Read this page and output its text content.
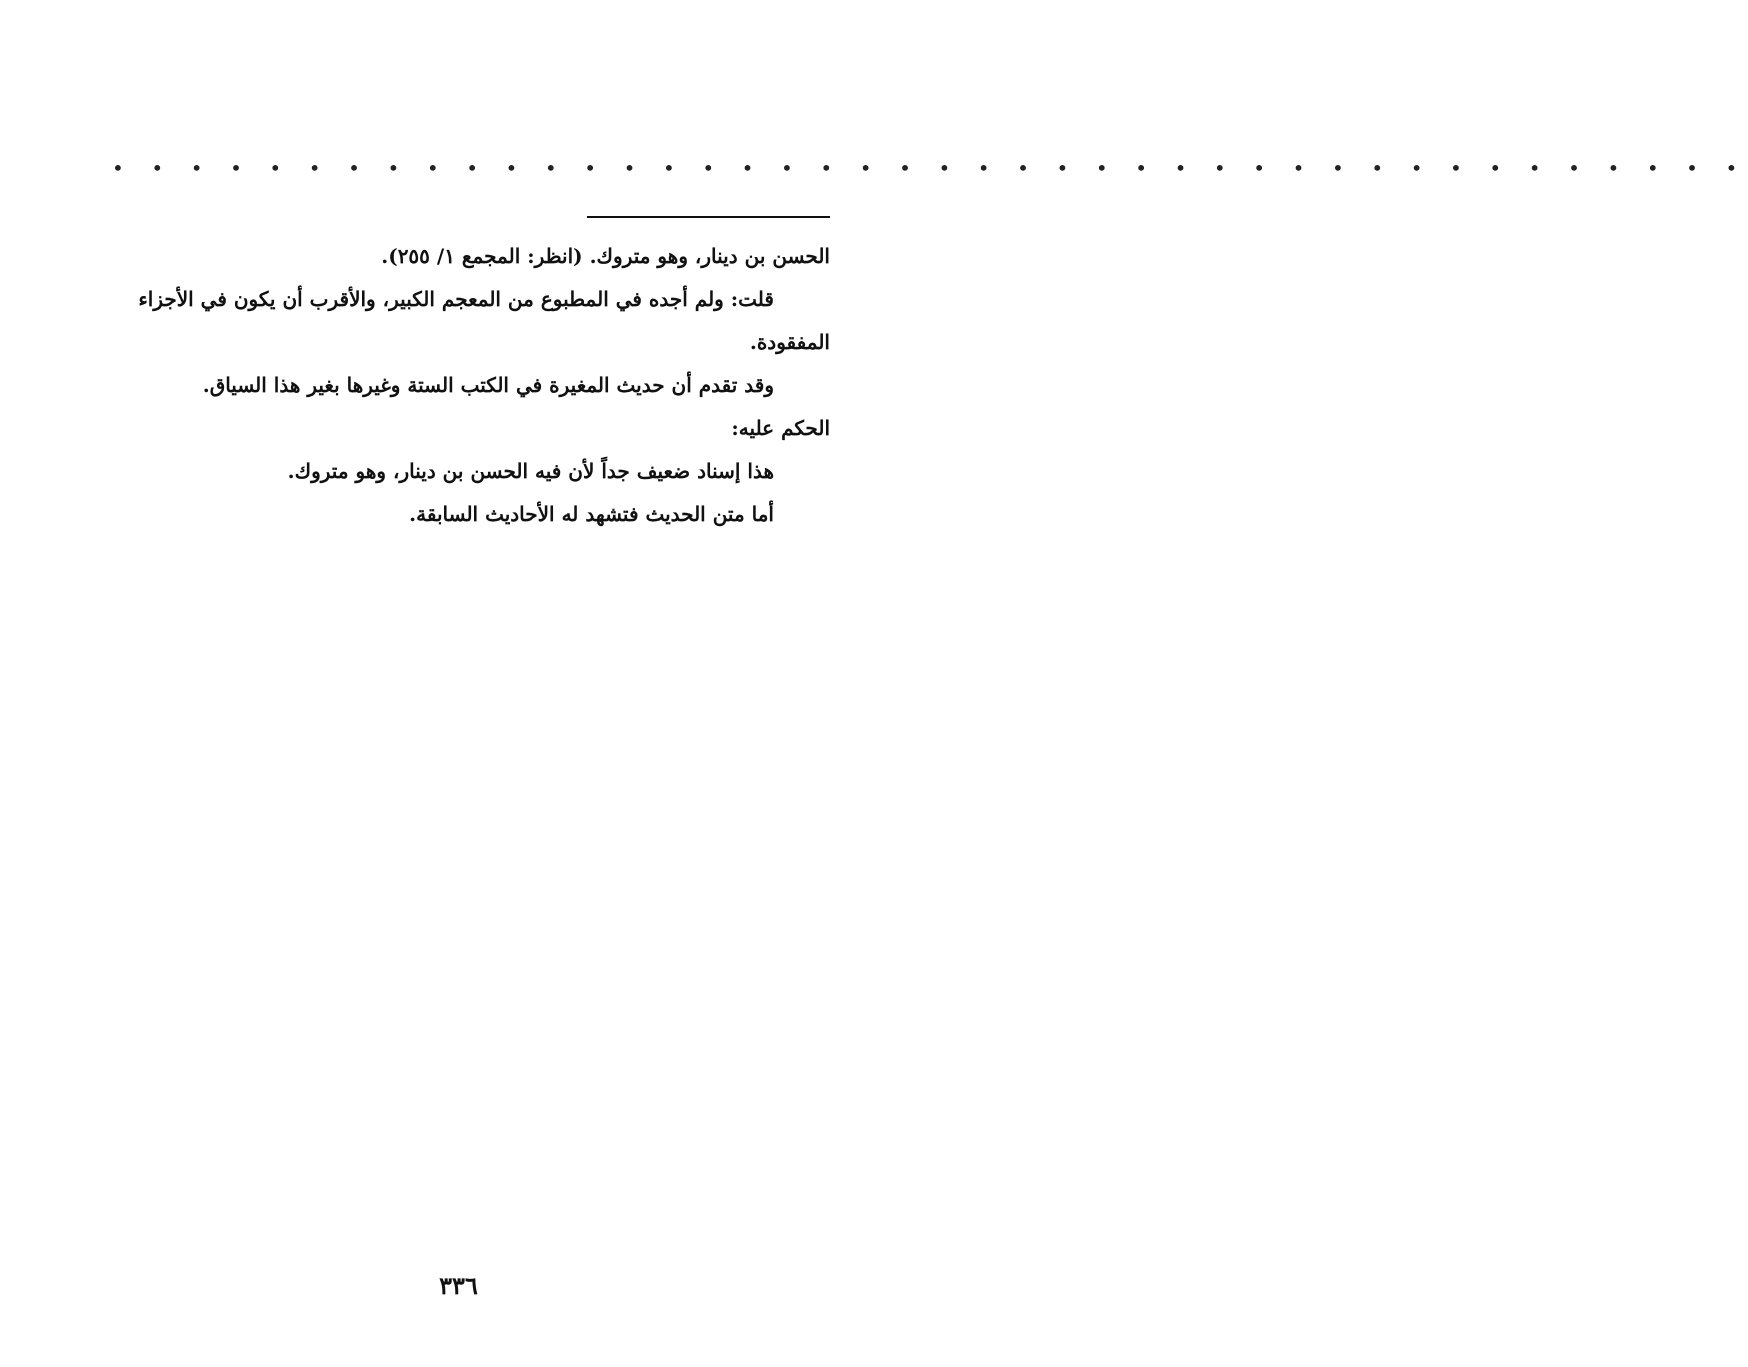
• • • • • • • • • • • • • • • • • • • • • • • • • • • • • • • • • • • • • • • • • •
الحسن بن دينار، وهو متروك. (انظر: المجمع ١/ ٢٥٥).
قلت: ولم أجده في المطبوع من المعجم الكبير، والأقرب أن يكون في الأجزاء
المفقودة.
وقد تقدم أن حديث المغيرة في الكتب الستة وغيرها بغير هذا السياق.
الحكم عليه:
هذا إسناد ضعيف جداً لأن فيه الحسن بن دينار، وهو متروك.
أما متن الحديث فتشهد له الأحاديث السابقة.
٣٣٦
